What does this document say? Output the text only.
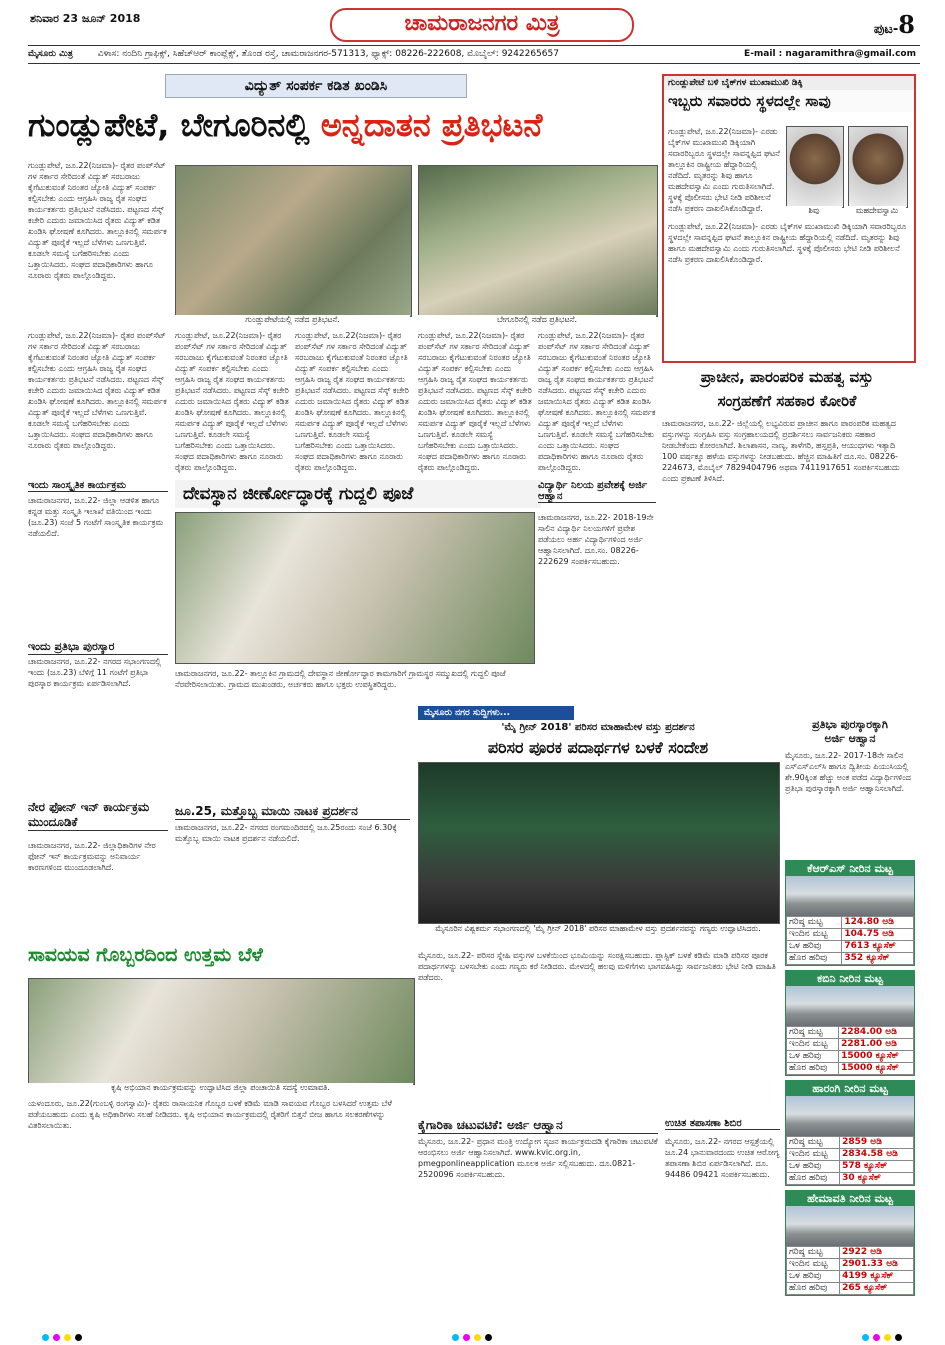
ಶನಿವಾರ 23 ಜೂನ್ 2018	ಚಾಮರಾಜನಗರ ಮಿತ್ರ	ಪುಟ-8
ಮೈಸೂರು ಮಿತ್ರ	ವಿಳಾಸ: ನಂದಿನಿ ಗ್ರಾಫಿಕ್ಸ್, ಸಿಹೆಚ್‌ಆರ್ ಕಾಂಪ್ಲೆಕ್ಸ್, ತೊಂಡ ರಸ್ತೆ, ಚಾಮರಾಜನಗರ-571313, ಫ್ಯಾಕ್ಸ್: 08226-222608, ಮೊಬೈಲ್: 9242265657	E-mail : nagaramithra@gmail.com
ವಿದ್ಯುತ್ ಸಂಪರ್ಕ ಕಡಿತ ಖಂಡಿಸಿ
ಗುಂಡ್ಲುಪೇಟೆ, ಬೇಗೂರಿನಲ್ಲಿ ಅನ್ನದಾತನ ಪ್ರತಿಭಟನೆ
ಗುಂಡ್ಲುಪೇಟೆ, ಜೂ.22(ನಿಜಮಾ)- ರೈತರ ಪಂಪ್‌ಸೆಟ್ ಗಳ ಸರ್ಕಾರ ಸೇರಿದಂತೆ ವಿದ್ಯುತ್ ಸರಬರಾಜು ಕೈಗೆಟುಕುವಂತೆ ನಿರಂತರ ಜ್ಯೋತಿ ವಿದ್ಯುತ್ ಸಂಪರ್ಕ ಕಲ್ಪಿಸಬೇಕು ಎಂದು ಆಗ್ರಹಿಸಿ ರಾಜ್ಯ ರೈತ ಸಂಘದ ಕಾರ್ಯಕರ್ತರು ಪ್ರತಿಭಟನೆ ನಡೆಸಿದರು. ಪಟ್ಟಣದ ಸೆಸ್ಕ್ ಕಚೇರಿ ಎದುರು ಜಮಾಯಿಸಿದ ರೈತರು ವಿದ್ಯುತ್ ಕಡಿತ ಖಂಡಿಸಿ ಘೋಷಣೆ ಕೂಗಿದರು. ತಾಲ್ಲೂಕಿನಲ್ಲಿ ಸಮರ್ಪಕ ವಿದ್ಯುತ್ ಪೂರೈಕೆ ಇಲ್ಲದೆ ಬೆಳೆಗಳು ಒಣಗುತ್ತಿವೆ. ಕೂಡಲೇ ಸಮಸ್ಯೆ ಬಗೆಹರಿಸಬೇಕು ಎಂದು ಒತ್ತಾಯಿಸಿದರು. ಸಂಘದ ಪದಾಧಿಕಾರಿಗಳು ಹಾಗೂ ನೂರಾರು ರೈತರು ಪಾಲ್ಗೊಂಡಿದ್ದರು.
ಗುಂಡ್ಲುಪೇಟೆಯಲ್ಲಿ ನಡೆದ ಪ್ರತಿಭಟನೆ.	ಬೇಗೂರಿನಲ್ಲಿ ನಡೆದ ಪ್ರತಿಭಟನೆ.
ಗುಂಡ್ಲುಪೇಟೆ, ಜೂ.22(ನಿಜಮಾ)- ರೈತರ ಪಂಪ್‌ಸೆಟ್ ಗಳ ಸರ್ಕಾರ ಸೇರಿದಂತೆ ವಿದ್ಯುತ್ ಸರಬರಾಜು ಕೈಗೆಟುಕುವಂತೆ ನಿರಂತರ ಜ್ಯೋತಿ ವಿದ್ಯುತ್ ಸಂಪರ್ಕ ಕಲ್ಪಿಸಬೇಕು ಎಂದು ಆಗ್ರಹಿಸಿ ರಾಜ್ಯ ರೈತ ಸಂಘದ ಕಾರ್ಯಕರ್ತರು ಪ್ರತಿಭಟನೆ ನಡೆಸಿದರು. ಪಟ್ಟಣದ ಸೆಸ್ಕ್ ಕಚೇರಿ ಎದುರು ಜಮಾಯಿಸಿದ ರೈತರು ವಿದ್ಯುತ್ ಕಡಿತ ಖಂಡಿಸಿ ಘೋಷಣೆ ಕೂಗಿದರು. ತಾಲ್ಲೂಕಿನಲ್ಲಿ ಸಮರ್ಪಕ ವಿದ್ಯುತ್ ಪೂರೈಕೆ ಇಲ್ಲದೆ ಬೆಳೆಗಳು ಒಣಗುತ್ತಿವೆ. ಕೂಡಲೇ ಸಮಸ್ಯೆ ಬಗೆಹರಿಸಬೇಕು ಎಂದು ಒತ್ತಾಯಿಸಿದರು. ಸಂಘದ ಪದಾಧಿಕಾರಿಗಳು ಹಾಗೂ ನೂರಾರು ರೈತರು ಪಾಲ್ಗೊಂಡಿದ್ದರು.
ಗುಂಡ್ಲುಪೇಟೆ, ಜೂ.22(ನಿಜಮಾ)- ರೈತರ ಪಂಪ್‌ಸೆಟ್ ಗಳ ಸರ್ಕಾರ ಸೇರಿದಂತೆ ವಿದ್ಯುತ್ ಸರಬರಾಜು ಕೈಗೆಟುಕುವಂತೆ ನಿರಂತರ ಜ್ಯೋತಿ ವಿದ್ಯುತ್ ಸಂಪರ್ಕ ಕಲ್ಪಿಸಬೇಕು ಎಂದು ಆಗ್ರಹಿಸಿ ರಾಜ್ಯ ರೈತ ಸಂಘದ ಕಾರ್ಯಕರ್ತರು ಪ್ರತಿಭಟನೆ ನಡೆಸಿದರು. ಪಟ್ಟಣದ ಸೆಸ್ಕ್ ಕಚೇರಿ ಎದುರು ಜಮಾಯಿಸಿದ ರೈತರು ವಿದ್ಯುತ್ ಕಡಿತ ಖಂಡಿಸಿ ಘೋಷಣೆ ಕೂಗಿದರು. ತಾಲ್ಲೂಕಿನಲ್ಲಿ ಸಮರ್ಪಕ ವಿದ್ಯುತ್ ಪೂರೈಕೆ ಇಲ್ಲದೆ ಬೆಳೆಗಳು ಒಣಗುತ್ತಿವೆ. ಕೂಡಲೇ ಸಮಸ್ಯೆ ಬಗೆಹರಿಸಬೇಕು ಎಂದು ಒತ್ತಾಯಿಸಿದರು. ಸಂಘದ ಪದಾಧಿಕಾರಿಗಳು ಹಾಗೂ ನೂರಾರು ರೈತರು ಪಾಲ್ಗೊಂಡಿದ್ದರು.
ಗುಂಡ್ಲುಪೇಟೆ, ಜೂ.22(ನಿಜಮಾ)- ರೈತರ ಪಂಪ್‌ಸೆಟ್ ಗಳ ಸರ್ಕಾರ ಸೇರಿದಂತೆ ವಿದ್ಯುತ್ ಸರಬರಾಜು ಕೈಗೆಟುಕುವಂತೆ ನಿರಂತರ ಜ್ಯೋತಿ ವಿದ್ಯುತ್ ಸಂಪರ್ಕ ಕಲ್ಪಿಸಬೇಕು ಎಂದು ಆಗ್ರಹಿಸಿ ರಾಜ್ಯ ರೈತ ಸಂಘದ ಕಾರ್ಯಕರ್ತರು ಪ್ರತಿಭಟನೆ ನಡೆಸಿದರು. ಪಟ್ಟಣದ ಸೆಸ್ಕ್ ಕಚೇರಿ ಎದುರು ಜಮಾಯಿಸಿದ ರೈತರು ವಿದ್ಯುತ್ ಕಡಿತ ಖಂಡಿಸಿ ಘೋಷಣೆ ಕೂಗಿದರು. ತಾಲ್ಲೂಕಿನಲ್ಲಿ ಸಮರ್ಪಕ ವಿದ್ಯುತ್ ಪೂರೈಕೆ ಇಲ್ಲದೆ ಬೆಳೆಗಳು ಒಣಗುತ್ತಿವೆ. ಕೂಡಲೇ ಸಮಸ್ಯೆ ಬಗೆಹರಿಸಬೇಕು ಎಂದು ಒತ್ತಾಯಿಸಿದರು. ಸಂಘದ ಪದಾಧಿಕಾರಿಗಳು ಹಾಗೂ ನೂರಾರು ರೈತರು ಪಾಲ್ಗೊಂಡಿದ್ದರು.
ಗುಂಡ್ಲುಪೇಟೆ, ಜೂ.22(ನಿಜಮಾ)- ರೈತರ ಪಂಪ್‌ಸೆಟ್ ಗಳ ಸರ್ಕಾರ ಸೇರಿದಂತೆ ವಿದ್ಯುತ್ ಸರಬರಾಜು ಕೈಗೆಟುಕುವಂತೆ ನಿರಂತರ ಜ್ಯೋತಿ ವಿದ್ಯುತ್ ಸಂಪರ್ಕ ಕಲ್ಪಿಸಬೇಕು ಎಂದು ಆಗ್ರಹಿಸಿ ರಾಜ್ಯ ರೈತ ಸಂಘದ ಕಾರ್ಯಕರ್ತರು ಪ್ರತಿಭಟನೆ ನಡೆಸಿದರು. ಪಟ್ಟಣದ ಸೆಸ್ಕ್ ಕಚೇರಿ ಎದುರು ಜಮಾಯಿಸಿದ ರೈತರು ವಿದ್ಯುತ್ ಕಡಿತ ಖಂಡಿಸಿ ಘೋಷಣೆ ಕೂಗಿದರು. ತಾಲ್ಲೂಕಿನಲ್ಲಿ ಸಮರ್ಪಕ ವಿದ್ಯುತ್ ಪೂರೈಕೆ ಇಲ್ಲದೆ ಬೆಳೆಗಳು ಒಣಗುತ್ತಿವೆ. ಕೂಡಲೇ ಸಮಸ್ಯೆ ಬಗೆಹರಿಸಬೇಕು ಎಂದು ಒತ್ತಾಯಿಸಿದರು. ಸಂಘದ ಪದಾಧಿಕಾರಿಗಳು ಹಾಗೂ ನೂರಾರು ರೈತರು ಪಾಲ್ಗೊಂಡಿದ್ದರು.
ಗುಂಡ್ಲುಪೇಟೆ, ಜೂ.22(ನಿಜಮಾ)- ರೈತರ ಪಂಪ್‌ಸೆಟ್ ಗಳ ಸರ್ಕಾರ ಸೇರಿದಂತೆ ವಿದ್ಯುತ್ ಸರಬರಾಜು ಕೈಗೆಟುಕುವಂತೆ ನಿರಂತರ ಜ್ಯೋತಿ ವಿದ್ಯುತ್ ಸಂಪರ್ಕ ಕಲ್ಪಿಸಬೇಕು ಎಂದು ಆಗ್ರಹಿಸಿ ರಾಜ್ಯ ರೈತ ಸಂಘದ ಕಾರ್ಯಕರ್ತರು ಪ್ರತಿಭಟನೆ ನಡೆಸಿದರು. ಪಟ್ಟಣದ ಸೆಸ್ಕ್ ಕಚೇರಿ ಎದುರು ಜಮಾಯಿಸಿದ ರೈತರು ವಿದ್ಯುತ್ ಕಡಿತ ಖಂಡಿಸಿ ಘೋಷಣೆ ಕೂಗಿದರು. ತಾಲ್ಲೂಕಿನಲ್ಲಿ ಸಮರ್ಪಕ ವಿದ್ಯುತ್ ಪೂರೈಕೆ ಇಲ್ಲದೆ ಬೆಳೆಗಳು ಒಣಗುತ್ತಿವೆ. ಕೂಡಲೇ ಸಮಸ್ಯೆ ಬಗೆಹರಿಸಬೇಕು ಎಂದು ಒತ್ತಾಯಿಸಿದರು. ಸಂಘದ ಪದಾಧಿಕಾರಿಗಳು ಹಾಗೂ ನೂರಾರು ರೈತರು ಪಾಲ್ಗೊಂಡಿದ್ದರು.
ಗುಂಡ್ಲುಪೇಟೆ ಬಳಿ ಬೈಕ್‌ಗಳ ಮುಖಾಮುಖಿ ಡಿಕ್ಕಿ
ಇಬ್ಬರು ಸವಾರರು ಸ್ಥಳದಲ್ಲೇ ಸಾವು
ಗುಂಡ್ಲುಪೇಟೆ, ಜೂ.22(ನಿಜಮಾ)- ಎರಡು ಬೈಕ್‌ಗಳ ಮುಖಾಮುಖಿ ಡಿಕ್ಕಿಯಾಗಿ ಸವಾರರಿಬ್ಬರೂ ಸ್ಥಳದಲ್ಲೇ ಸಾವನ್ನಪ್ಪಿದ ಘಟನೆ ತಾಲ್ಲೂಕಿನ ರಾಷ್ಟ್ರೀಯ ಹೆದ್ದಾರಿಯಲ್ಲಿ ನಡೆದಿದೆ. ಮೃತರನ್ನು ಶಿವು ಹಾಗೂ ಮಹದೇವಸ್ವಾಮಿ ಎಂದು ಗುರುತಿಸಲಾಗಿದೆ. ಸ್ಥಳಕ್ಕೆ ಪೊಲೀಸರು ಭೇಟಿ ನೀಡಿ ಪರಿಶೀಲನೆ ನಡೆಸಿ ಪ್ರಕರಣ ದಾಖಲಿಸಿಕೊಂಡಿದ್ದಾರೆ.	ಶಿವು	ಮಹದೇವಸ್ವಾಮಿ
ಗುಂಡ್ಲುಪೇಟೆ, ಜೂ.22(ನಿಜಮಾ)- ಎರಡು ಬೈಕ್‌ಗಳ ಮುಖಾಮುಖಿ ಡಿಕ್ಕಿಯಾಗಿ ಸವಾರರಿಬ್ಬರೂ ಸ್ಥಳದಲ್ಲೇ ಸಾವನ್ನಪ್ಪಿದ ಘಟನೆ ತಾಲ್ಲೂಕಿನ ರಾಷ್ಟ್ರೀಯ ಹೆದ್ದಾರಿಯಲ್ಲಿ ನಡೆದಿದೆ. ಮೃತರನ್ನು ಶಿವು ಹಾಗೂ ಮಹದೇವಸ್ವಾಮಿ ಎಂದು ಗುರುತಿಸಲಾಗಿದೆ. ಸ್ಥಳಕ್ಕೆ ಪೊಲೀಸರು ಭೇಟಿ ನೀಡಿ ಪರಿಶೀಲನೆ ನಡೆಸಿ ಪ್ರಕರಣ ದಾಖಲಿಸಿಕೊಂಡಿದ್ದಾರೆ.
ಪ್ರಾಚೀನ, ಪಾರಂಪರಿಕ ಮಹತ್ವ ವಸ್ತು
ಸಂಗ್ರಹಣೆಗೆ ಸಹಕಾರ ಕೋರಿಕೆ
ಚಾಮರಾಜನಗರ, ಜೂ.22- ಜಿಲ್ಲೆಯಲ್ಲಿ ಲಭ್ಯವಿರುವ ಪ್ರಾಚೀನ ಹಾಗೂ ಪಾರಂಪರಿಕ ಮಹತ್ವದ ವಸ್ತುಗಳನ್ನು ಸಂಗ್ರಹಿಸಿ ವಸ್ತು ಸಂಗ್ರಹಾಲಯದಲ್ಲಿ ಪ್ರದರ್ಶಿಸಲು ಸಾರ್ವಜನಿಕರು ಸಹಕಾರ ನೀಡಬೇಕೆಂದು ಕೋರಲಾಗಿದೆ. ಶಿಲಾಶಾಸನ, ನಾಣ್ಯ, ತಾಳೆಗರಿ, ಹಸ್ತಪ್ರತಿ, ಆಯುಧಗಳು ಇತ್ಯಾದಿ 100 ವರ್ಷಕ್ಕೂ ಹಳೆಯ ವಸ್ತುಗಳನ್ನು ನೀಡಬಹುದು. ಹೆಚ್ಚಿನ ಮಾಹಿತಿಗೆ ದೂ.ಸಂ. 08226-224673, ಮೊಬೈಲ್ 7829404796 ಅಥವಾ 7411917651 ಸಂಪರ್ಕಿಸಬಹುದು ಎಂದು ಪ್ರಕಟಣೆ ತಿಳಿಸಿದೆ.
ಇಂದು ಸಾಂಸ್ಕೃತಿಕ ಕಾರ್ಯಕ್ರಮ
ಚಾಮರಾಜನಗರ, ಜೂ.22- ಜಿಲ್ಲಾ ಆಡಳಿತ ಹಾಗೂ ಕನ್ನಡ ಮತ್ತು ಸಂಸ್ಕೃತಿ ಇಲಾಖೆ ವತಿಯಿಂದ ಇಂದು (ಜೂ.23) ಸಂಜೆ 5 ಗಂಟೆಗೆ ಸಾಂಸ್ಕೃತಿಕ ಕಾರ್ಯಕ್ರಮ ನಡೆಯಲಿದೆ.
ಇಂದು ಪ್ರತಿಭಾ ಪುರಸ್ಕಾರ
ಚಾಮರಾಜನಗರ, ಜೂ.22- ನಗರದ ಸಭಾಂಗಣದಲ್ಲಿ ಇಂದು (ಜೂ.23) ಬೆಳಿಗ್ಗೆ 11 ಗಂಟೆಗೆ ಪ್ರತಿಭಾ ಪುರಸ್ಕಾರ ಕಾರ್ಯಕ್ರಮ ಏರ್ಪಡಿಸಲಾಗಿದೆ.
ನೇರ ಫೋನ್ ಇನ್ ಕಾರ್ಯಕ್ರಮ ಮುಂದೂಡಿಕೆ
ಚಾಮರಾಜನಗರ, ಜೂ.22- ಜಿಲ್ಲಾಧಿಕಾರಿಗಳ ನೇರ ಫೋನ್ ಇನ್ ಕಾರ್ಯಕ್ರಮವನ್ನು ಅನಿವಾರ್ಯ ಕಾರಣಗಳಿಂದ ಮುಂದೂಡಲಾಗಿದೆ.
ದೇವಸ್ಥಾನ ಜೀರ್ಣೋದ್ಧಾರಕ್ಕೆ ಗುದ್ದಲಿ ಪೂಜೆ
ಚಾಮರಾಜನಗರ, ಜೂ.22- ತಾಲ್ಲೂಕಿನ ಗ್ರಾಮದಲ್ಲಿ ದೇವಸ್ಥಾನ ಜೀರ್ಣೋದ್ಧಾರ ಕಾಮಗಾರಿಗೆ ಗ್ರಾಮಸ್ಥರ ಸಮ್ಮುಖದಲ್ಲಿ ಗುದ್ದಲಿ ಪೂಜೆ ನೆರವೇರಿಸಲಾಯಿತು. ಗ್ರಾಮದ ಮುಖಂಡರು, ಅರ್ಚಕರು ಹಾಗೂ ಭಕ್ತರು ಉಪಸ್ಥಿತರಿದ್ದರು.
ವಿದ್ಯಾರ್ಥಿ ನಿಲಯ ಪ್ರವೇಶಕ್ಕೆ ಅರ್ಜಿ ಆಹ್ವಾನ
ಚಾಮರಾಜನಗರ, ಜೂ.22- 2018-19ನೇ ಸಾಲಿನ ವಿದ್ಯಾರ್ಥಿ ನಿಲಯಗಳಿಗೆ ಪ್ರವೇಶ ಪಡೆಯಲು ಅರ್ಹ ವಿದ್ಯಾರ್ಥಿಗಳಿಂದ ಅರ್ಜಿ ಆಹ್ವಾನಿಸಲಾಗಿದೆ. ದೂ.ಸಂ. 08226-222629 ಸಂಪರ್ಕಿಸಬಹುದು.
ಜೂ.25, ಮತ್ತೊಬ್ಬ ಮಾಯಿ ನಾಟಕ ಪ್ರದರ್ಶನ
ಚಾಮರಾಜನಗರ, ಜೂ.22- ನಗರದ ರಂಗಮಂದಿರದಲ್ಲಿ ಜೂ.25ರಂದು ಸಂಜೆ 6.30ಕ್ಕೆ ಮತ್ತೊಬ್ಬ ಮಾಯಿ ನಾಟಕ ಪ್ರದರ್ಶನ ನಡೆಯಲಿದೆ.
ಮೈಸೂರು ನಗರ ಸುದ್ದಿಗಳು...
'ಮೈ ಗ್ರೀನ್ 2018' ಪರಿಸರ ಮಾಹಾಮೇಳ ವಸ್ತು ಪ್ರದರ್ಶನ
ಪರಿಸರ ಪೂರಕ ಪದಾರ್ಥಗಳ ಬಳಕೆ ಸಂದೇಶ
ಮೈಸೂರಿನ ವಿಶ್ವಕರ್ಮ ಸಭಾಂಗಣದಲ್ಲಿ 'ಮೈ ಗ್ರೀನ್ 2018' ಪರಿಸರ ಮಾಹಾಮೇಳ ವಸ್ತು ಪ್ರದರ್ಶನವನ್ನು ಗಣ್ಯರು ಉದ್ಘಾಟಿಸಿದರು.
ಮೈಸೂರು, ಜೂ.22- ಪರಿಸರ ಸ್ನೇಹಿ ವಸ್ತುಗಳ ಬಳಕೆಯಿಂದ ಭೂಮಿಯನ್ನು ಸಂರಕ್ಷಿಸಬಹುದು. ಪ್ಲಾಸ್ಟಿಕ್ ಬಳಕೆ ಕಡಿಮೆ ಮಾಡಿ ಪರಿಸರ ಪೂರಕ ಪದಾರ್ಥಗಳನ್ನು ಬಳಸಬೇಕು ಎಂದು ಗಣ್ಯರು ಕರೆ ನೀಡಿದರು. ಮೇಳದಲ್ಲಿ ಹಲವು ಮಳಿಗೆಗಳು ಭಾಗವಹಿಸಿದ್ದು ಸಾರ್ವಜನಿಕರು ಭೇಟಿ ನೀಡಿ ಮಾಹಿತಿ ಪಡೆದರು.
ಪ್ರತಿಭಾ ಪುರಸ್ಕಾರಕ್ಕಾಗಿ
ಅರ್ಜಿ ಆಹ್ವಾನ
ಮೈಸೂರು, ಜೂ.22- 2017-18ನೇ ಸಾಲಿನ ಎಸ್‌ಎಸ್‌ಎಲ್‌ಸಿ ಹಾಗೂ ದ್ವಿತೀಯ ಪಿಯುಸಿಯಲ್ಲಿ ಶೇ.90ಕ್ಕಿಂತ ಹೆಚ್ಚು ಅಂಕ ಪಡೆದ ವಿದ್ಯಾರ್ಥಿಗಳಿಂದ ಪ್ರತಿಭಾ ಪುರಸ್ಕಾರಕ್ಕಾಗಿ ಅರ್ಜಿ ಆಹ್ವಾನಿಸಲಾಗಿದೆ.
ಕೆಆರ್‌ಎಸ್ ನೀರಿನ ಮಟ್ಟ
ಗರಿಷ್ಠ ಮಟ್ಟ	124.80 ಅಡಿ
ಇಂದಿನ ಮಟ್ಟ	104.75 ಅಡಿ
ಒಳ ಹರಿವು	7613 ಕ್ಯೂಸೆಕ್
ಹೊರ ಹರಿವು	352 ಕ್ಯೂಸೆಕ್
ಕಬಿನಿ ನೀರಿನ ಮಟ್ಟ
ಗರಿಷ್ಠ ಮಟ್ಟ	2284.00 ಅಡಿ
ಇಂದಿನ ಮಟ್ಟ	2281.00 ಅಡಿ
ಒಳ ಹರಿವು	15000 ಕ್ಯೂಸೆಕ್
ಹೊರ ಹರಿವು	15000 ಕ್ಯೂಸೆಕ್
ಹಾರಂಗಿ ನೀರಿನ ಮಟ್ಟ
ಗರಿಷ್ಠ ಮಟ್ಟ	2859 ಅಡಿ
ಇಂದಿನ ಮಟ್ಟ	2834.58 ಅಡಿ
ಒಳ ಹರಿವು	578 ಕ್ಯೂಸೆಕ್
ಹೊರ ಹರಿವು	30 ಕ್ಯೂಸೆಕ್
ಹೇಮಾವತಿ ನೀರಿನ ಮಟ್ಟ
ಗರಿಷ್ಠ ಮಟ್ಟ	2922 ಅಡಿ
ಇಂದಿನ ಮಟ್ಟ	2901.33 ಅಡಿ
ಒಳ ಹರಿವು	4199 ಕ್ಯೂಸೆಕ್
ಹೊರ ಹರಿವು	265 ಕ್ಯೂಸೆಕ್
ಸಾವಯವ ಗೊಬ್ಬರದಿಂದ ಉತ್ತಮ ಬೆಳೆ
ಕೃಷಿ ಅಭಿಯಾನ ಕಾರ್ಯಕ್ರಮವನ್ನು ಉದ್ಘಾಟಿಸಿದ ಜಿಲ್ಲಾ ಪಂಚಾಯಿತಿ ಸದಸ್ಯೆ ಉಮಾವತಿ.
ಯಳಂದೂರು, ಜೂ.22(ಗುಂಬಳ್ಳಿ ರಂಗಸ್ವಾಮಿ)- ರೈತರು ರಾಸಾಯನಿಕ ಗೊಬ್ಬರ ಬಳಕೆ ಕಡಿಮೆ ಮಾಡಿ ಸಾವಯವ ಗೊಬ್ಬರ ಬಳಸಿದರೆ ಉತ್ತಮ ಬೆಳೆ ಪಡೆಯಬಹುದು ಎಂದು ಕೃಷಿ ಅಧಿಕಾರಿಗಳು ಸಲಹೆ ನೀಡಿದರು. ಕೃಷಿ ಅಭಿಯಾನ ಕಾರ್ಯಕ್ರಮದಲ್ಲಿ ರೈತರಿಗೆ ಬಿತ್ತನೆ ಬೀಜ ಹಾಗೂ ಸಲಕರಣೆಗಳನ್ನು ವಿತರಿಸಲಾಯಿತು.	ಕೈಗಾರಿಕಾ ಚಟುವಟಿಕೆ: ಅರ್ಜಿ ಆಹ್ವಾನ
ಮೈಸೂರು, ಜೂ.22- ಪ್ರಧಾನ ಮಂತ್ರಿ ಉದ್ಯೋಗ ಸೃಜನ ಕಾರ್ಯಕ್ರಮದಡಿ ಕೈಗಾರಿಕಾ ಚಟುವಟಿಕೆ ಆರಂಭಿಸಲು ಅರ್ಜಿ ಆಹ್ವಾನಿಸಲಾಗಿದೆ. www.kvic.org.in, pmegponlineapplication ಮೂಲಕ ಅರ್ಜಿ ಸಲ್ಲಿಸಬಹುದು. ದೂ.0821-2520096 ಸಂಪರ್ಕಿಸಬಹುದು.
ಉಚಿತ ತಪಾಸಣಾ ಶಿಬಿರ
ಮೈಸೂರು, ಜೂ.22- ನಗರದ ಆಸ್ಪತ್ರೆಯಲ್ಲಿ ಜೂ.24 ಭಾನುವಾರದಂದು ಉಚಿತ ಆರೋಗ್ಯ ತಪಾಸಣಾ ಶಿಬಿರ ಏರ್ಪಡಿಸಲಾಗಿದೆ. ದೂ. 94486 09421 ಸಂಪರ್ಕಿಸಬಹುದು.
